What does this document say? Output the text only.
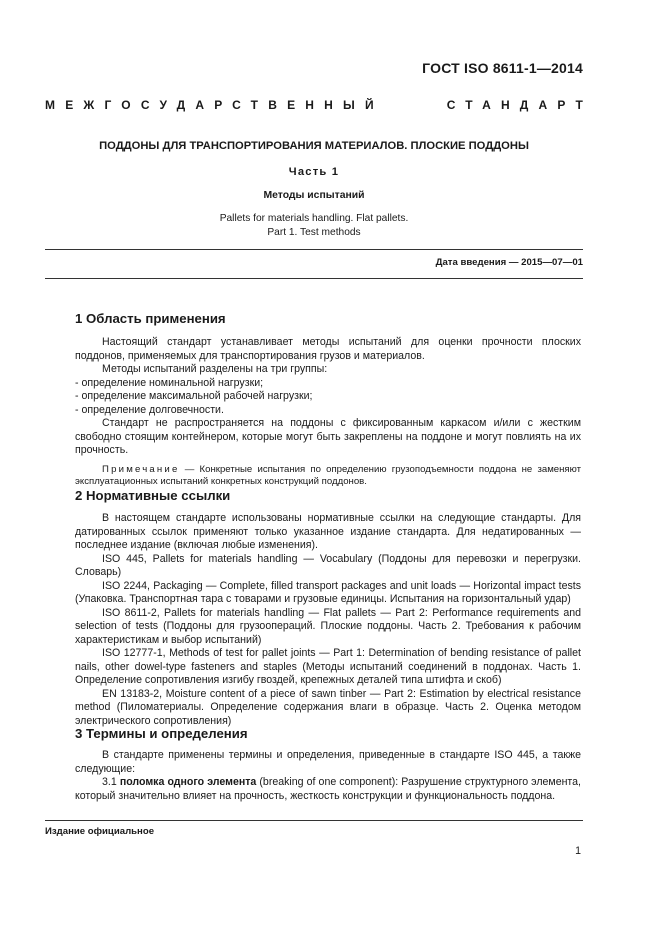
ГОСТ ISO 8611-1—2014
МЕЖГОСУДАРСТВЕННЫЙ	СТАНДАРТ
ПОДДОНЫ ДЛЯ ТРАНСПОРТИРОВАНИЯ МАТЕРИАЛОВ. ПЛОСКИЕ ПОДДОНЫ
Часть 1
Методы испытаний
Pallets for materials handling. Flat pallets.
Part 1. Test methods
Дата введения — 2015—07—01
1 Область применения

Настоящий стандарт устанавливает методы испытаний для оценки прочности плоских поддонов, применяемых для транспортирования грузов и материалов.

Методы испытаний разделены на три группы:

- определение номинальной нагрузки;

- определение максимальной рабочей нагрузки;

- определение долговечности.

Стандарт не распространяется на поддоны с фиксированным каркасом и/или с жестким свободно стоящим контейнером, которые могут быть закреплены на поддоне и могут повлиять на их прочность.

Примечание — Конкретные испытания по определению грузоподъемности поддона не заменяют эксплуатационных испытаний конкретных конструкций поддонов.

2 Нормативные ссылки

В настоящем стандарте использованы нормативные ссылки на следующие стандарты. Для датированных ссылок применяют только указанное издание стандарта. Для недатированных — последнее издание (включая любые изменения).

ISO 445, Pallets for materials handling — Vocabulary (Поддоны для перевозки и перегрузки. Словарь)

ISO 2244, Packaging — Complete, filled transport packages and unit loads — Horizontal impact tests (Упаковка. Транспортная тара с товарами и грузовые единицы. Испытания на горизонтальный удар)

ISO 8611-2, Pallets for materials handling — Flat pallets — Part 2: Performance requirements and selection of tests (Поддоны для грузоопераций. Плоские поддоны. Часть 2. Требования к рабочим характеристикам и выбор испытаний)

ISO 12777-1, Methods of test for pallet joints — Part 1: Determination of bending resistance of pallet nails, other dowel-type fasteners and staples (Методы испытаний соединений в поддонах. Часть 1. Определение сопротивления изгибу гвоздей, крепежных деталей типа штифта и скоб)

EN 13183-2, Moisture content of a piece of sawn tinber — Part 2: Estimation by electrical resistance method (Пиломатериалы. Определение содержания влаги в образце. Часть 2. Оценка методом электрического сопротивления)

3 Термины и определения

В стандарте применены термины и определения, приведенные в стандарте ISO 445, а также следующие:

3.1 поломка одного элемента (breaking of one component): Разрушение структурного элемента, который значительно влияет на прочность, жесткость конструкции и функциональность поддона.

Издание официальное
1
